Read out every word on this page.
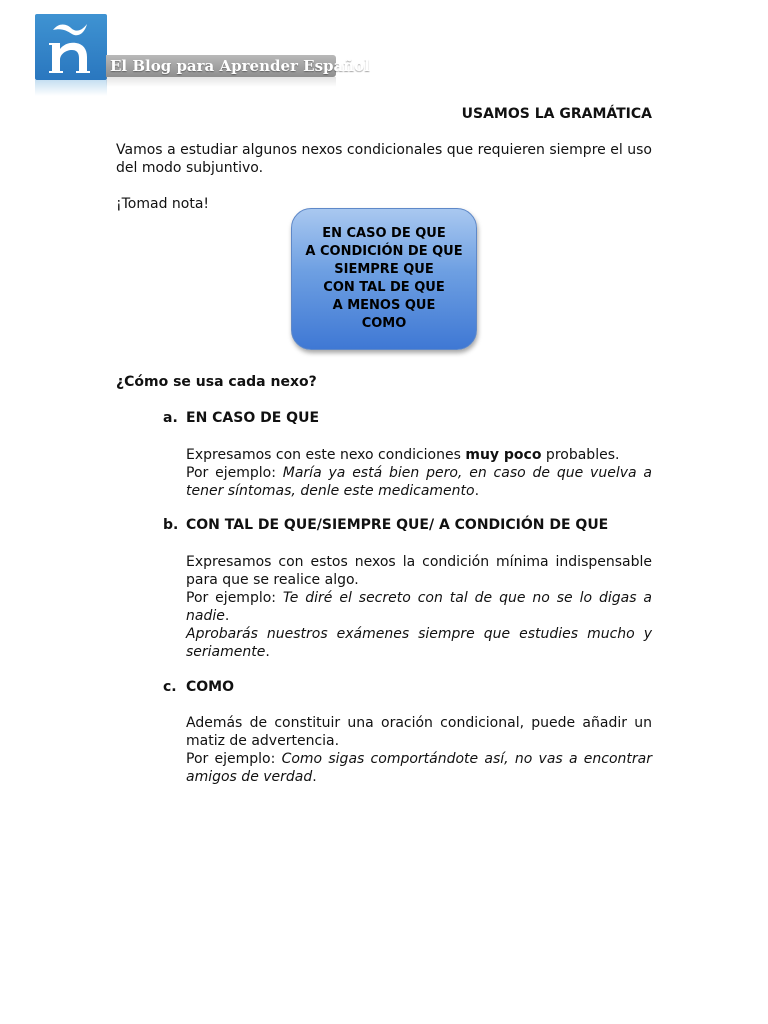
El Blog para Aprender Español
USAMOS LA GRAMÁTICA
Vamos a estudiar algunos nexos condicionales que requieren siempre el uso del modo subjuntivo.
¡Tomad nota!
EN CASO DE QUE
A CONDICIÓN DE QUE
SIEMPRE QUE
CON TAL DE QUE
A MENOS QUE
COMO
¿Cómo se usa cada nexo?
a. EN CASO DE QUE

Expresamos con este nexo condiciones muy poco probables.

Por ejemplo: María ya está bien pero, en caso de que vuelva a tener síntomas, denle este medicamento.

b. CON TAL DE QUE/SIEMPRE QUE/ A CONDICIÓN DE QUE

Expresamos con estos nexos la condición mínima indispensable para que se realice algo.

Por ejemplo: Te diré el secreto con tal de que no se lo digas a nadie.

Aprobarás nuestros exámenes siempre que estudies mucho y seriamente.

c. COMO

Además de constituir una oración condicional, puede añadir un matiz de advertencia.

Por ejemplo: Como sigas comportándote así, no vas a encontrar amigos de verdad.
